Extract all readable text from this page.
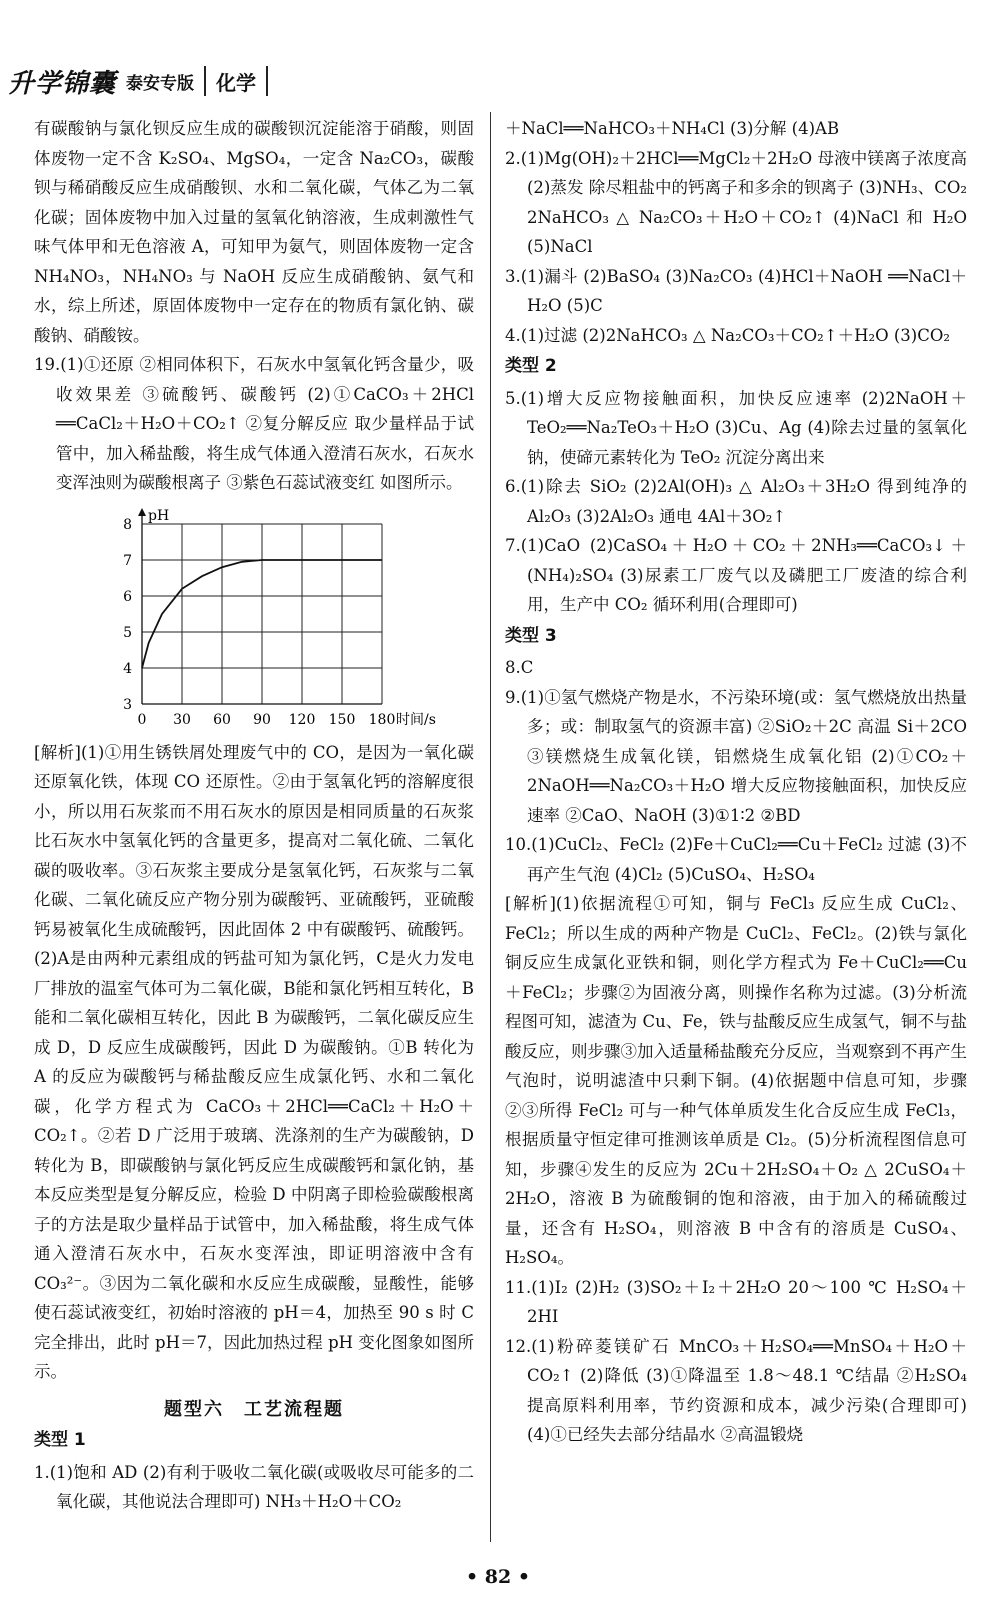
升学锦囊 泰安专版 化学

有碳酸钠与氯化钡反应生成的碳酸钡沉淀能溶于硝酸，则固体废物一定不含 K₂SO₄、MgSO₄，一定含 Na₂CO₃，碳酸钡与稀硝酸反应生成硝酸钡、水和二氧化碳，气体乙为二氧化碳；固体废物中加入过量的氢氧化钠溶液，生成刺激性气味气体甲和无色溶液 A，可知甲为氨气，则固体废物一定含 NH₄NO₃，NH₄NO₃ 与 NaOH 反应生成硝酸钠、氨气和水，综上所述，原固体废物中一定存在的物质有氯化钠、碳酸钠、硝酸铵。

19.(1)①还原 ②相同体积下，石灰水中氢氧化钙含量少，吸收效果差 ③硫酸钙、碳酸钙 (2)①CaCO₃＋2HCl ══CaCl₂＋H₂O＋CO₂↑ ②复分解反应 取少量样品于试管中，加入稀盐酸，将生成气体通入澄清石灰水，石灰水变浑浊则为碳酸根离子 ③紫色石蕊试液变红 如图所示。

pH
0 30 60 90 120 150 180 时间/s
3
4
5
6
7
8

[解析](1)①用生锈铁屑处理废气中的 CO，是因为一氧化碳还原氧化铁，体现 CO 还原性。②由于氢氧化钙的溶解度很小，所以用石灰浆而不用石灰水的原因是相同质量的石灰浆比石灰水中氢氧化钙的含量更多，提高对二氧化硫、二氧化碳的吸收率。③石灰浆主要成分是氢氧化钙，石灰浆与二氧化碳、二氧化硫反应产物分别为碳酸钙、亚硫酸钙，亚硫酸钙易被氧化生成硫酸钙，因此固体 2 中有碳酸钙、硫酸钙。(2)A是由两种元素组成的钙盐可知为氯化钙，C是火力发电厂排放的温室气体可为二氧化碳，B能和氯化钙相互转化，B能和二氧化碳相互转化，因此 B 为碳酸钙，二氧化碳反应生成 D，D 反应生成碳酸钙，因此 D 为碳酸钠。①B 转化为 A 的反应为碳酸钙与稀盐酸反应生成氯化钙、水和二氧化碳，化学方程式为 CaCO₃＋2HCl══CaCl₂＋H₂O＋CO₂↑。②若 D 广泛用于玻璃、洗涤剂的生产为碳酸钠，D 转化为 B，即碳酸钠与氯化钙反应生成碳酸钙和氯化钠，基本反应类型是复分解反应，检验 D 中阴离子即检验碳酸根离子的方法是取少量样品于试管中，加入稀盐酸，将生成气体通入澄清石灰水中，石灰水变浑浊，即证明溶液中含有 CO₃²⁻。③因为二氧化碳和水反应生成碳酸，显酸性，能够使石蕊试液变红，初始时溶液的 pH＝4，加热至 90 s 时 C 完全排出，此时 pH＝7，因此加热过程 pH 变化图象如图所示。

题型六　工艺流程题

类型 1

1.(1)饱和 AD (2)有利于吸收二氧化碳(或吸收尽可能多的二氧化碳，其他说法合理即可) NH₃＋H₂O＋CO₂

＋NaCl══NaHCO₃＋NH₄Cl (3)分解 (4)AB

2.(1)Mg(OH)₂＋2HCl══MgCl₂＋2H₂O 母液中镁离子浓度高 (2)蒸发 除尽粗盐中的钙离子和多余的钡离子 (3)NH₃、CO₂ 2NaHCO₃ △ Na₂CO₃＋H₂O＋CO₂↑ (4)NaCl 和 H₂O (5)NaCl

3.(1)漏斗 (2)BaSO₄ (3)Na₂CO₃ (4)HCl＋NaOH ══NaCl＋H₂O (5)C

4.(1)过滤 (2)2NaHCO₃ △ Na₂CO₃＋CO₂↑＋H₂O (3)CO₂

类型 2

5.(1)增大反应物接触面积，加快反应速率 (2)2NaOH＋TeO₂══Na₂TeO₃＋H₂O (3)Cu、Ag (4)除去过量的氢氧化钠，使碲元素转化为 TeO₂ 沉淀分离出来

6.(1)除去 SiO₂ (2)2Al(OH)₃ △ Al₂O₃＋3H₂O 得到纯净的 Al₂O₃ (3)2Al₂O₃ 通电 4Al＋3O₂↑

7.(1)CaO (2)CaSO₄＋H₂O＋CO₂＋2NH₃══CaCO₃↓＋(NH₄)₂SO₄ (3)尿素工厂废气以及磷肥工厂废渣的综合利用，生产中 CO₂ 循环利用(合理即可)

类型 3

8.C

9.(1)①氢气燃烧产物是水，不污染环境(或：氢气燃烧放出热量多；或：制取氢气的资源丰富) ②SiO₂＋2C 高温 Si＋2CO ③镁燃烧生成氧化镁，铝燃烧生成氧化铝 (2)①CO₂＋2NaOH══Na₂CO₃＋H₂O 增大反应物接触面积，加快反应速率 ②CaO、NaOH (3)①1∶2 ②BD

10.(1)CuCl₂、FeCl₂ (2)Fe＋CuCl₂══Cu＋FeCl₂ 过滤 (3)不再产生气泡 (4)Cl₂ (5)CuSO₄、H₂SO₄

[解析](1)依据流程①可知，铜与 FeCl₃ 反应生成 CuCl₂、FeCl₂；所以生成的两种产物是 CuCl₂、FeCl₂。(2)铁与氯化铜反应生成氯化亚铁和铜，则化学方程式为 Fe＋CuCl₂══Cu＋FeCl₂；步骤②为固液分离，则操作名称为过滤。(3)分析流程图可知，滤渣为 Cu、Fe，铁与盐酸反应生成氢气，铜不与盐酸反应，则步骤③加入适量稀盐酸充分反应，当观察到不再产生气泡时，说明滤渣中只剩下铜。(4)依据题中信息可知，步骤②③所得 FeCl₂ 可与一种气体单质发生化合反应生成 FeCl₃，根据质量守恒定律可推测该单质是 Cl₂。(5)分析流程图信息可知，步骤④发生的反应为 2Cu＋2H₂SO₄＋O₂ △ 2CuSO₄＋2H₂O，溶液 B 为硫酸铜的饱和溶液，由于加入的稀硫酸过量，还含有 H₂SO₄，则溶液 B 中含有的溶质是 CuSO₄、H₂SO₄。

11.(1)I₂ (2)H₂ (3)SO₂＋I₂＋2H₂O 20～100 ℃ H₂SO₄＋2HI

12.(1)粉碎菱镁矿石 MnCO₃＋H₂SO₄══MnSO₄＋H₂O＋CO₂↑ (2)降低 (3)①降温至 1.8～48.1 ℃结晶 ②H₂SO₄ 提高原料利用率，节约资源和成本，减少污染(合理即可) (4)①已经失去部分结晶水 ②高温锻烧

• 82 •
